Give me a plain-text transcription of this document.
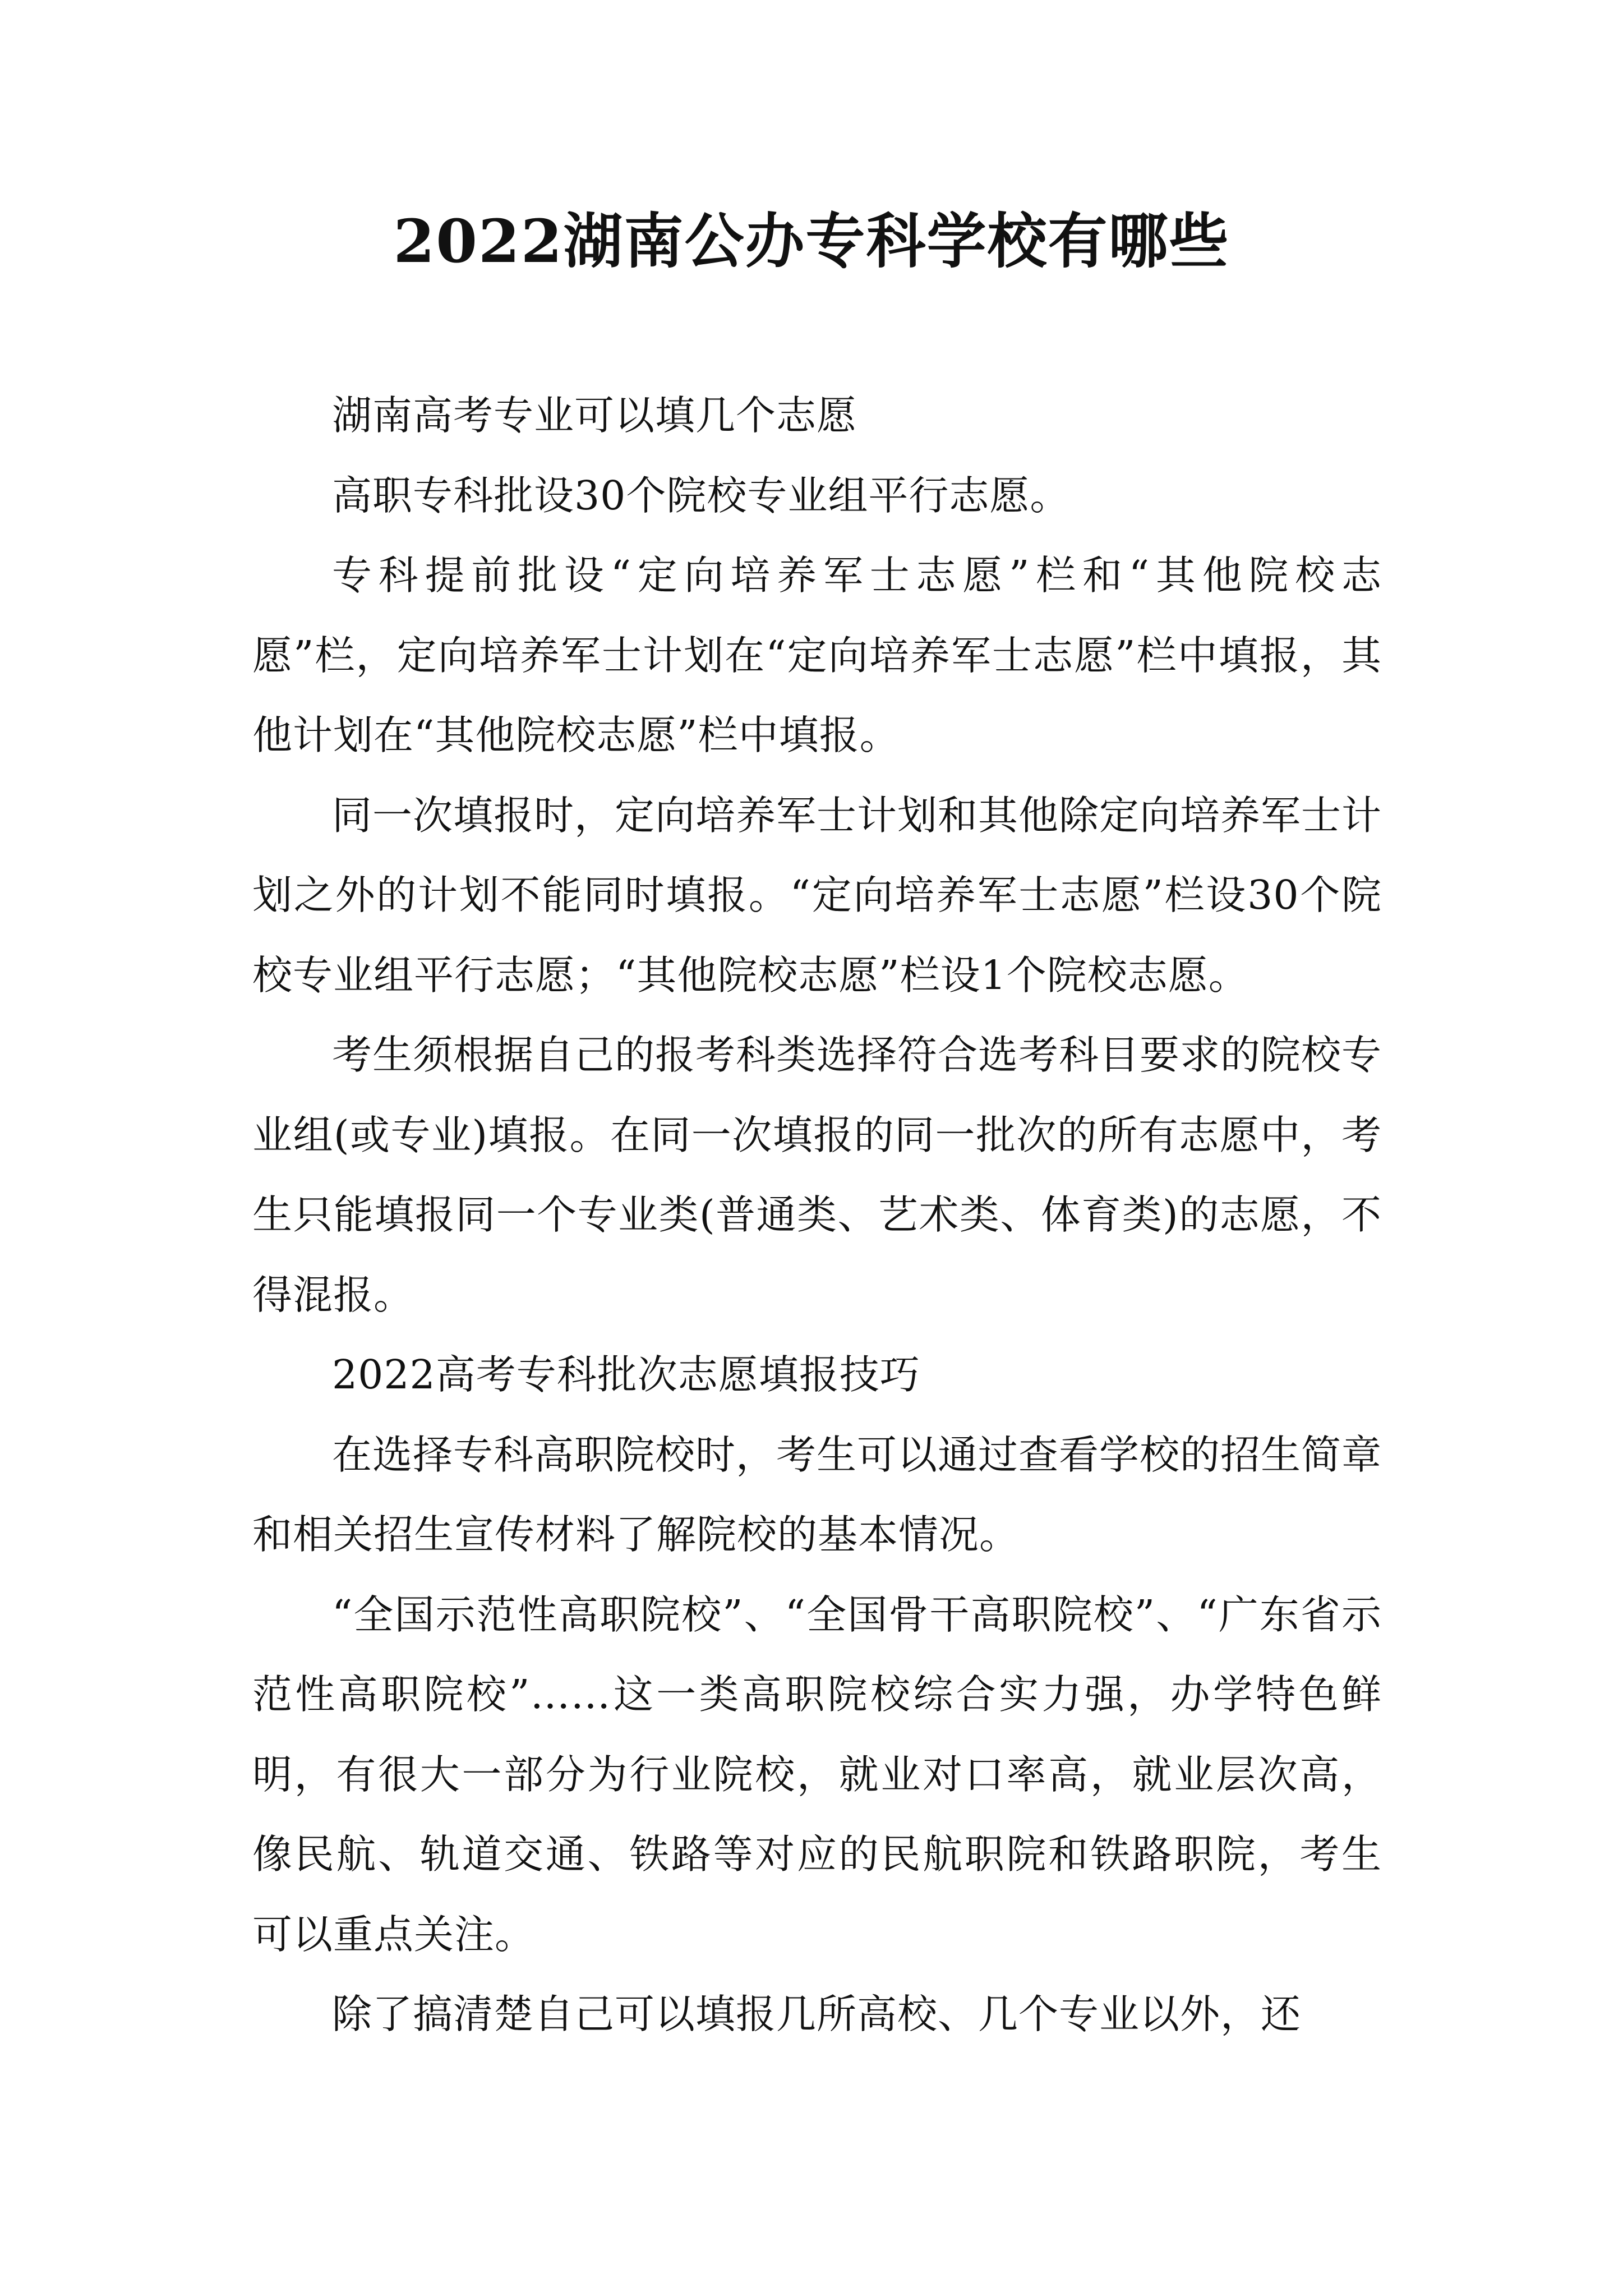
2022湖南公办专科学校有哪些

湖南高考专业可以填几个志愿

高职专科批设30个院校专业组平行志愿。

专科提前批设“定向培养军士志愿”栏和“其他院校志愿”栏，定向培养军士计划在“定向培养军士志愿”栏中填报，其他计划在“其他院校志愿”栏中填报。

同一次填报时，定向培养军士计划和其他除定向培养军士计划之外的计划不能同时填报。“定向培养军士志愿”栏设30个院校专业组平行志愿；“其他院校志愿”栏设1个院校志愿。

考生须根据自己的报考科类选择符合选考科目要求的院校专业组(或专业)填报。在同一次填报的同一批次的所有志愿中，考生只能填报同一个专业类(普通类、艺术类、体育类)的志愿，不得混报。

2022高考专科批次志愿填报技巧

在选择专科高职院校时，考生可以通过查看学校的招生简章和相关招生宣传材料了解院校的基本情况。

“全国示范性高职院校”、“全国骨干高职院校”、“广东省示范性高职院校”……这一类高职院校综合实力强，办学特色鲜明，有很大一部分为行业院校，就业对口率高，就业层次高，像民航、轨道交通、铁路等对应的民航职院和铁路职院，考生可以重点关注。

除了搞清楚自己可以填报几所高校、几个专业以外，还
